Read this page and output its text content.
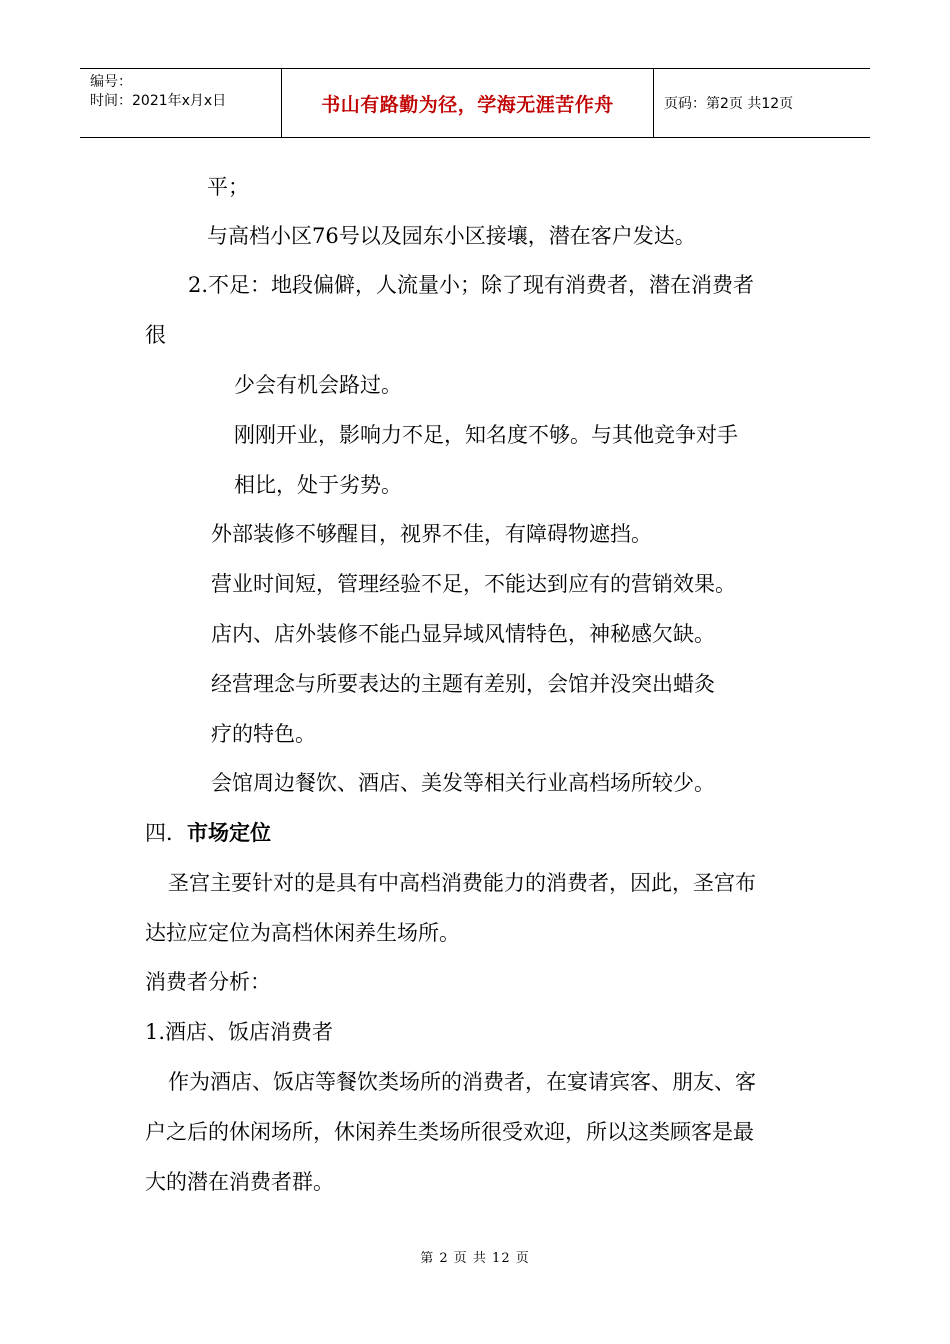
编号：
时间：2021年x月x日	书山有路勤为径，学海无涯苦作舟	页码：第2页 共12页
平；
与高档小区76号以及园东小区接壤，潜在客户发达。
2.不足：地段偏僻，人流量小；除了现有消费者，潜在消费者
很
少会有机会路过。
刚刚开业，影响力不足，知名度不够。与其他竞争对手
相比，处于劣势。
外部装修不够醒目，视界不佳，有障碍物遮挡。
营业时间短，管理经验不足，不能达到应有的营销效果。
店内、店外装修不能凸显异域风情特色，神秘感欠缺。
经营理念与所要表达的主题有差别，会馆并没突出蜡灸
疗的特色。
会馆周边餐饮、酒店、美发等相关行业高档场所较少。
四．市场定位
圣宫主要针对的是具有中高档消费能力的消费者，因此，圣宫布
达拉应定位为高档休闲养生场所。
消费者分析：
1.酒店、饭店消费者
作为酒店、饭店等餐饮类场所的消费者，在宴请宾客、朋友、客
户之后的休闲场所，休闲养生类场所很受欢迎，所以这类顾客是最
大的潜在消费者群。
第 2 页 共 12 页
